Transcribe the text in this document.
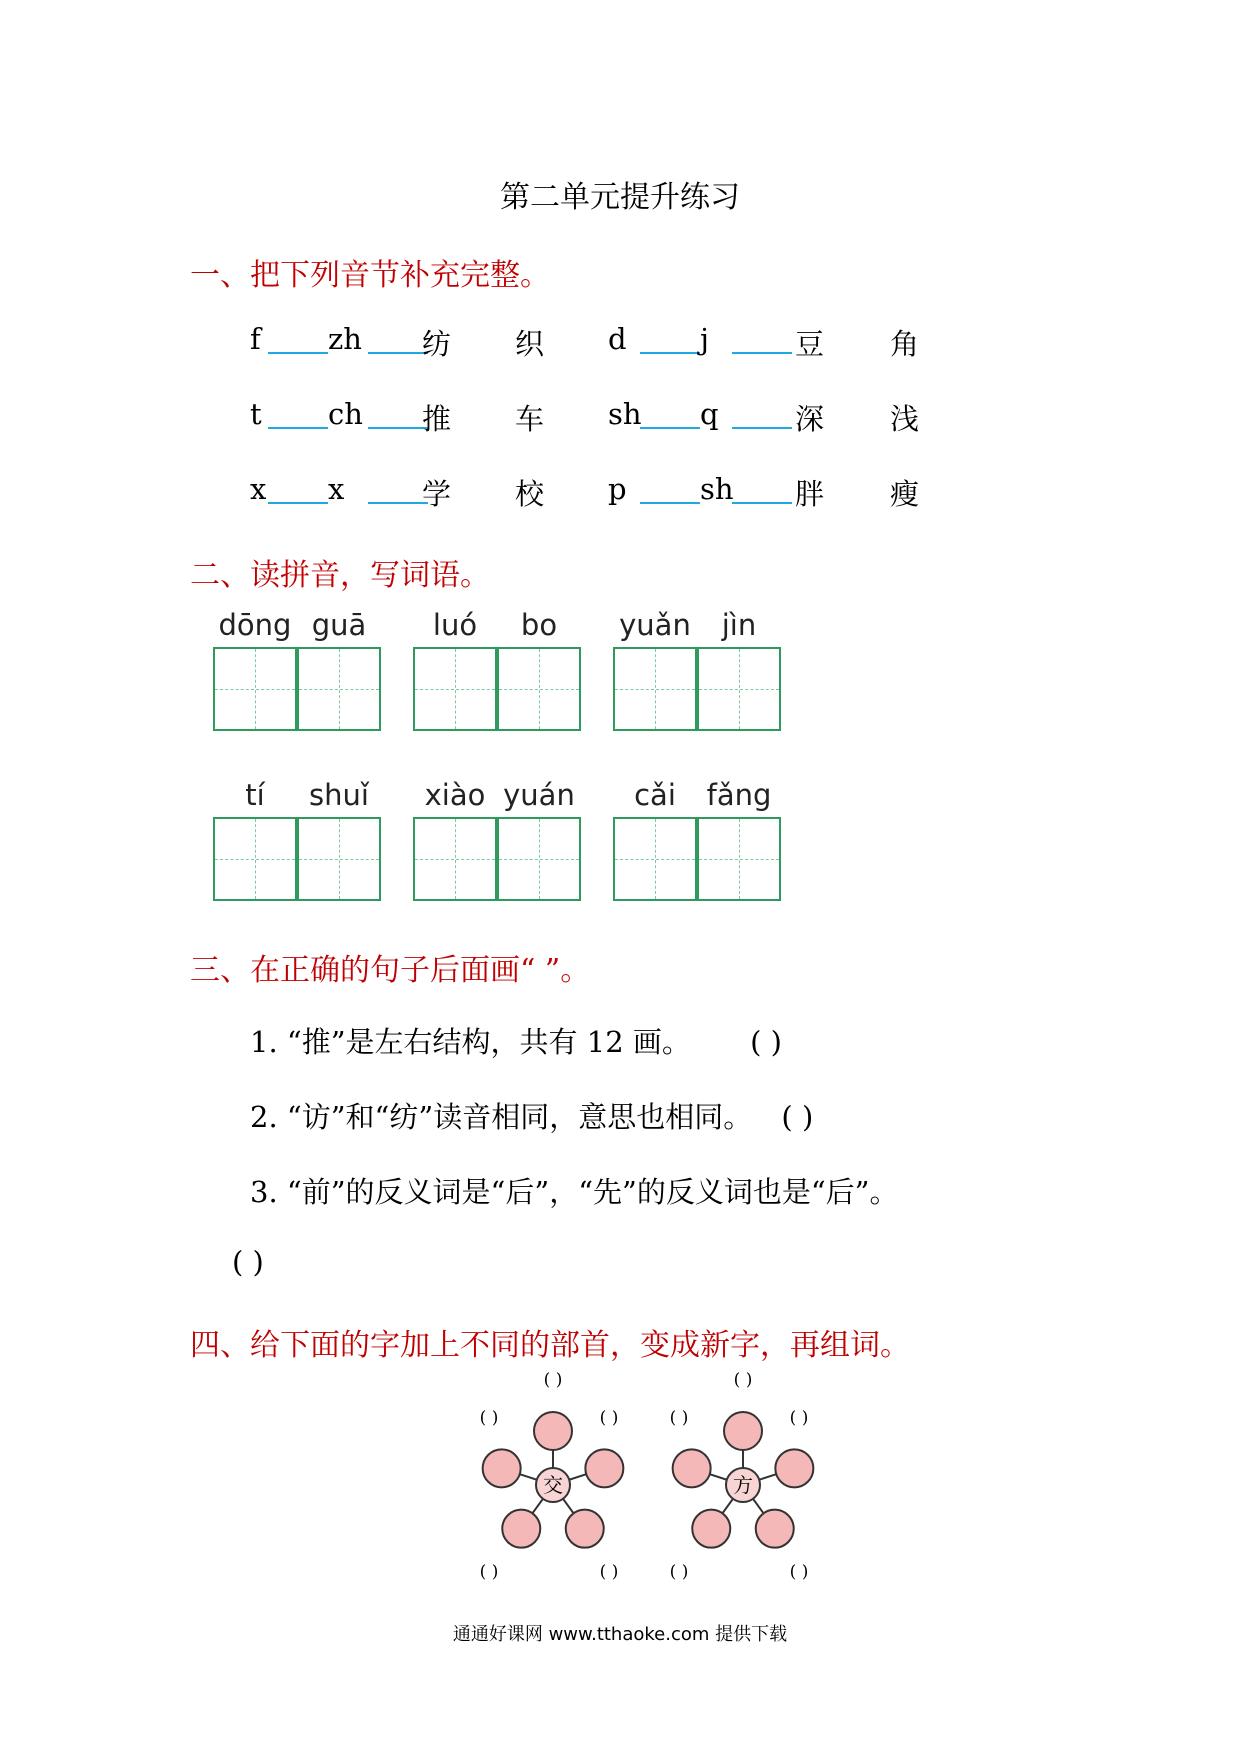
第二单元提升练习
一、把下列音节补充完整。
f zh 纺 织 d	j	豆 角
t ch 推 车 sh q	深 浅
x x	学 校 p	sh 胖 瘦
二、读拼音，写词语。
dōng guā	luó	bo	yuǎn	jìn
tí	shuǐ	xiào yuán	cǎi	fǎng
三、在正确的句子后面画“ ”。
1. “推”是左右结构，共有 12 画。 ( )
2. “访”和“纺”读音相同，意思也相同。 ( )
3. “前”的反义词是“后”，“先”的反义词也是“后”。
( )
四、给下面的字加上不同的部首，变成新字，再组词。
( )
( )	( )
( )	( )
交
( )
( )	( )
( )	( )
方
通通好课网 www.tthaoke.com 提供下载
